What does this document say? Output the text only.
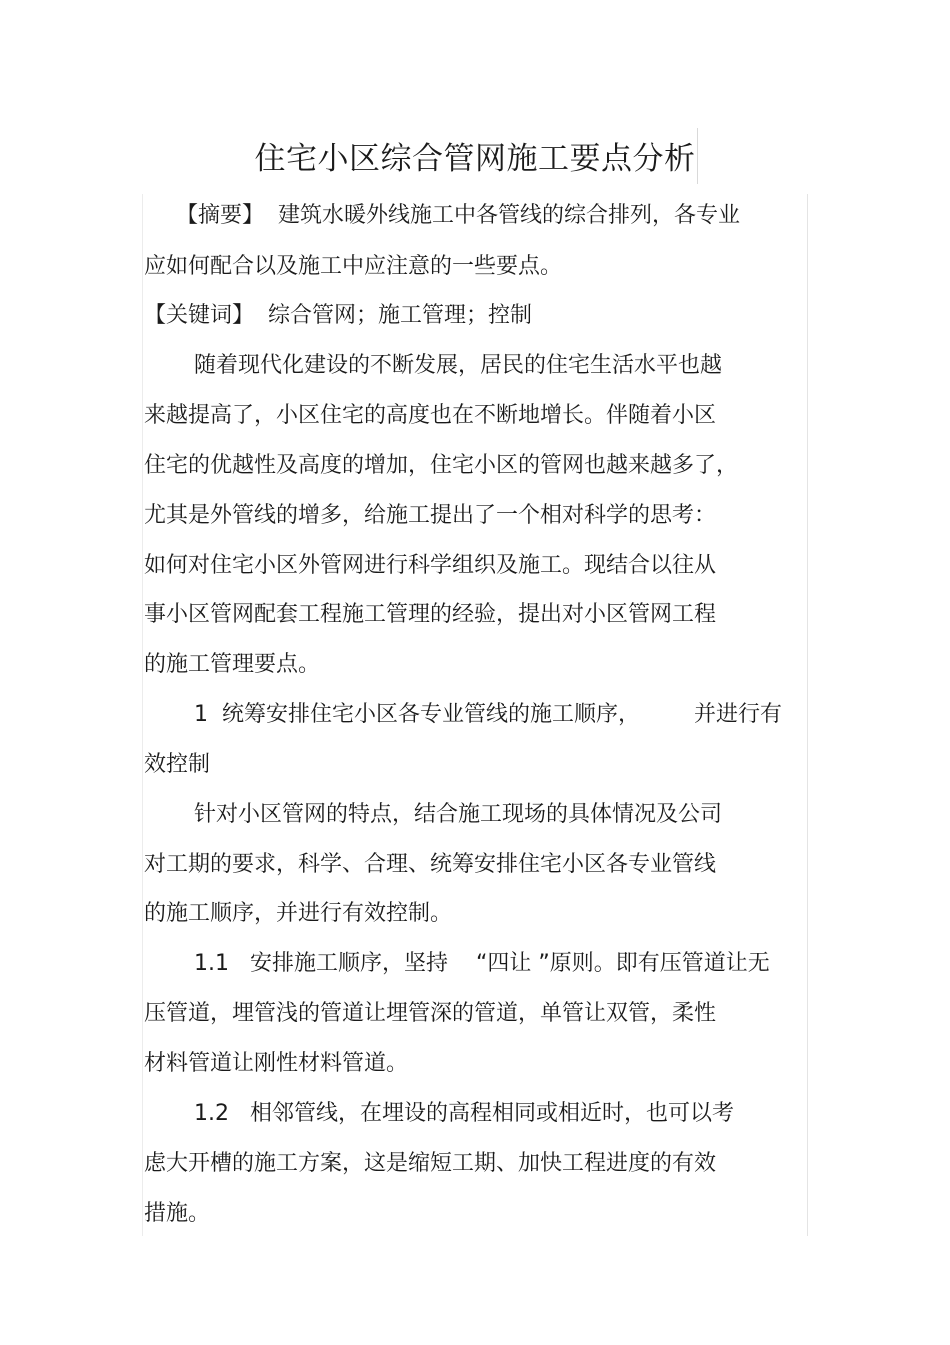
住宅小区综合管网施工要点分析
【摘要】 建筑水暖外线施工中各管线的综合排列，各专业
应如何配合以及施工中应注意的一些要点。
【关键词】 综合管网；施工管理；控制
随着现代化建设的不断发展，居民的住宅生活水平也越
来越提高了，小区住宅的高度也在不断地增长。伴随着小区
住宅的优越性及高度的增加，住宅小区的管网也越来越多了，
尤其是外管线的增多，给施工提出了一个相对科学的思考：
如何对住宅小区外管网进行科学组织及施工。现结合以往从
事小区管网配套工程施工管理的经验，提出对小区管网工程
的施工管理要点。
1 统筹安排住宅小区各专业管线的施工顺序， 并进行有
效控制
针对小区管网的特点，结合施工现场的具体情况及公司
对工期的要求，科学、合理、统筹安排住宅小区各专业管线
的施工顺序，并进行有效控制。
1.1 安排施工顺序，坚持 “四让 ”原则。即有压管道让无
压管道，埋管浅的管道让埋管深的管道，单管让双管，柔性
材料管道让刚性材料管道。
1.2 相邻管线，在埋设的高程相同或相近时，也可以考
虑大开槽的施工方案，这是缩短工期、加快工程进度的有效
措施。
